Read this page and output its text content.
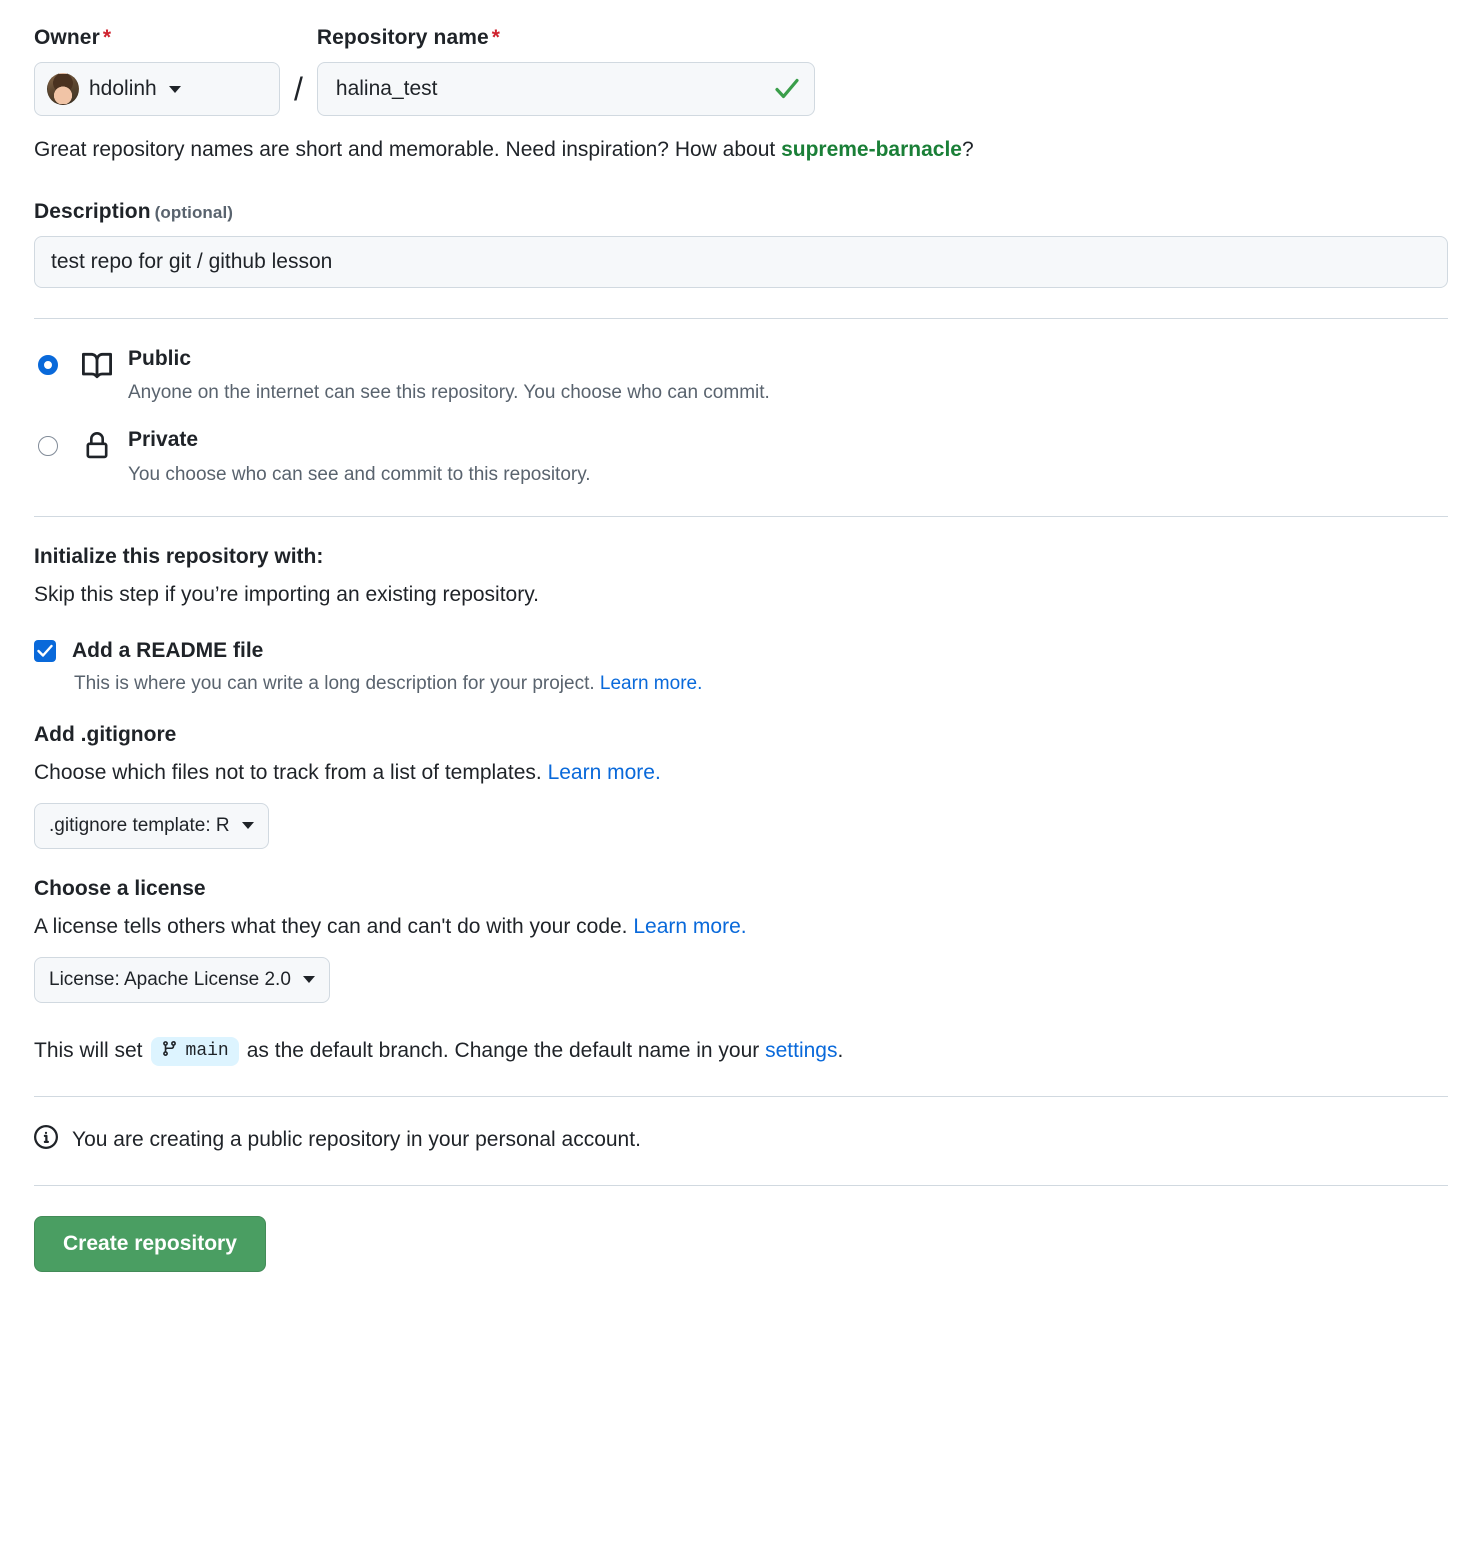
Owner *
hdolinh	/
Repository name *
halina_test
Great repository names are short and memorable. Need inspiration? How about supreme-barnacle?
Description (optional)
test repo for git / github lesson
Public
Anyone on the internet can see this repository. You choose who can commit.
Private
You choose who can see and commit to this repository.
Initialize this repository with:
Skip this step if you’re importing an existing repository.
Add a README file
This is where you can write a long description for your project. Learn more.
Add .gitignore
Choose which files not to track from a list of templates. Learn more.
.gitignore template: R
Choose a license
A license tells others what they can and can't do with your code. Learn more.
License: Apache License 2.0
This will set main as the default branch. Change the default name in your
settings .
You are creating a public repository in your personal account.
Create repository
